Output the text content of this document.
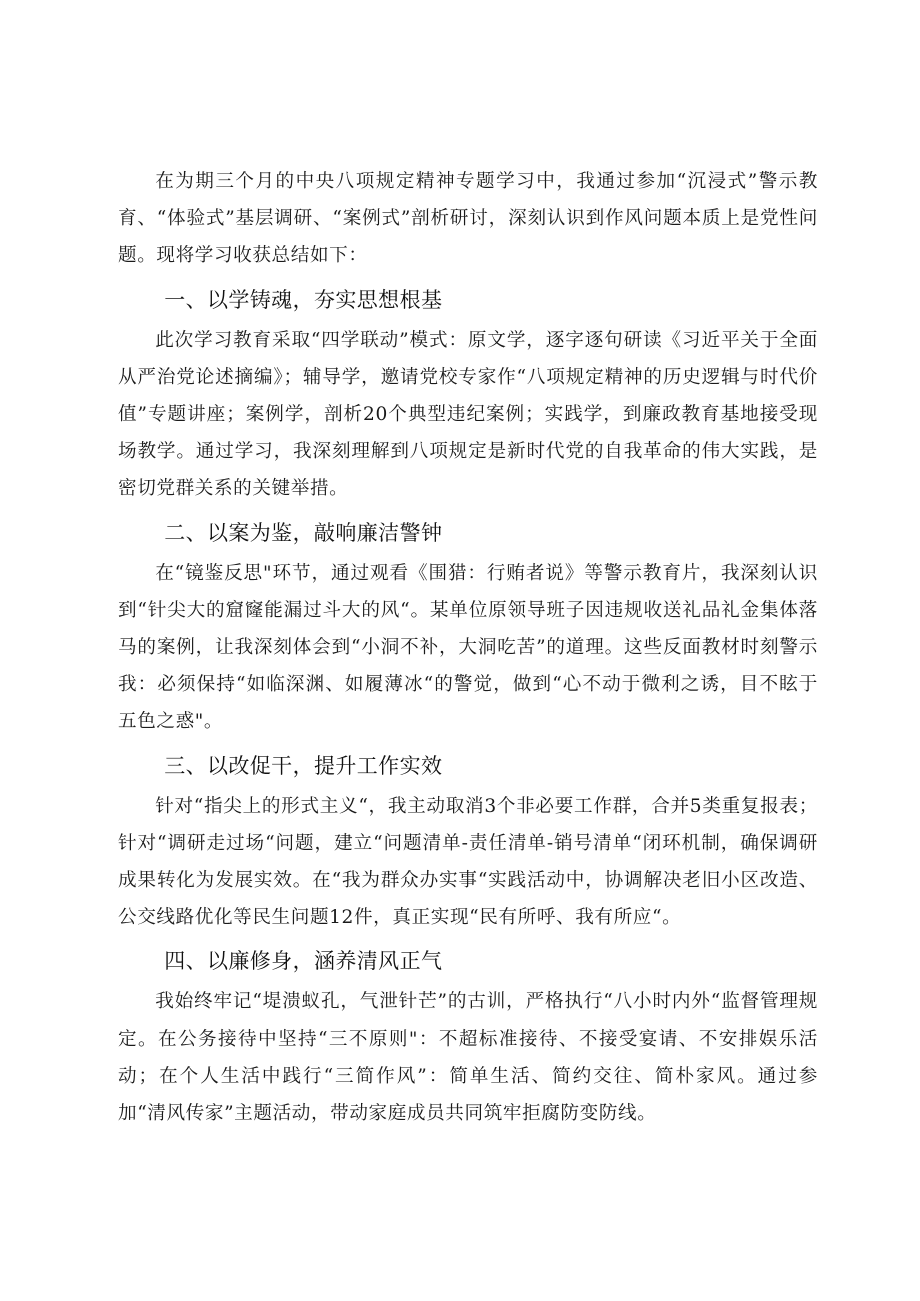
在为期三个月的中央八项规定精神专题学习中，我通过参加“沉浸式”警示教育、“体验式”基层调研、“案例式”剖析研讨，深刻认识到作风问题本质上是党性问题。现将学习收获总结如下：

一、以学铸魂，夯实思想根基

此次学习教育采取“四学联动”模式：原文学，逐字逐句研读《习近平关于全面从严治党论述摘编》；辅导学，邀请党校专家作“八项规定精神的历史逻辑与时代价值”专题讲座；案例学，剖析20个典型违纪案例；实践学，到廉政教育基地接受现场教学。通过学习，我深刻理解到八项规定是新时代党的自我革命的伟大实践，是密切党群关系的关键举措。

二、以案为鉴，敲响廉洁警钟

在“镜鉴反思"环节，通过观看《围猎：行贿者说》等警示教育片，我深刻认识到“针尖大的窟窿能漏过斗大的风“。某单位原领导班子因违规收送礼品礼金集体落马的案例，让我深刻体会到“小洞不补，大洞吃苦”的道理。这些反面教材时刻警示我：必须保持“如临深渊、如履薄冰“的警觉，做到“心不动于微利之诱，目不眩于五色之惑"。

三、以改促干，提升工作实效

针对“指尖上的形式主义“，我主动取消3个非必要工作群，合并5类重复报表；针对“调研走过场“问题，建立“问题清单-责任清单-销号清单“闭环机制，确保调研成果转化为发展实效。在“我为群众办实事“实践活动中，协调解决老旧小区改造、公交线路优化等民生问题12件，真正实现“民有所呼、我有所应“。

四、以廉修身，涵养清风正气

我始终牢记“堤溃蚁孔，气泄针芒”的古训，严格执行“八小时内外“监督管理规定。在公务接待中坚持“三不原则"：不超标准接待、不接受宴请、不安排娱乐活动；在个人生活中践行“三简作风”：简单生活、简约交往、简朴家风。通过参加“清风传家”主题活动，带动家庭成员共同筑牢拒腐防变防线。
